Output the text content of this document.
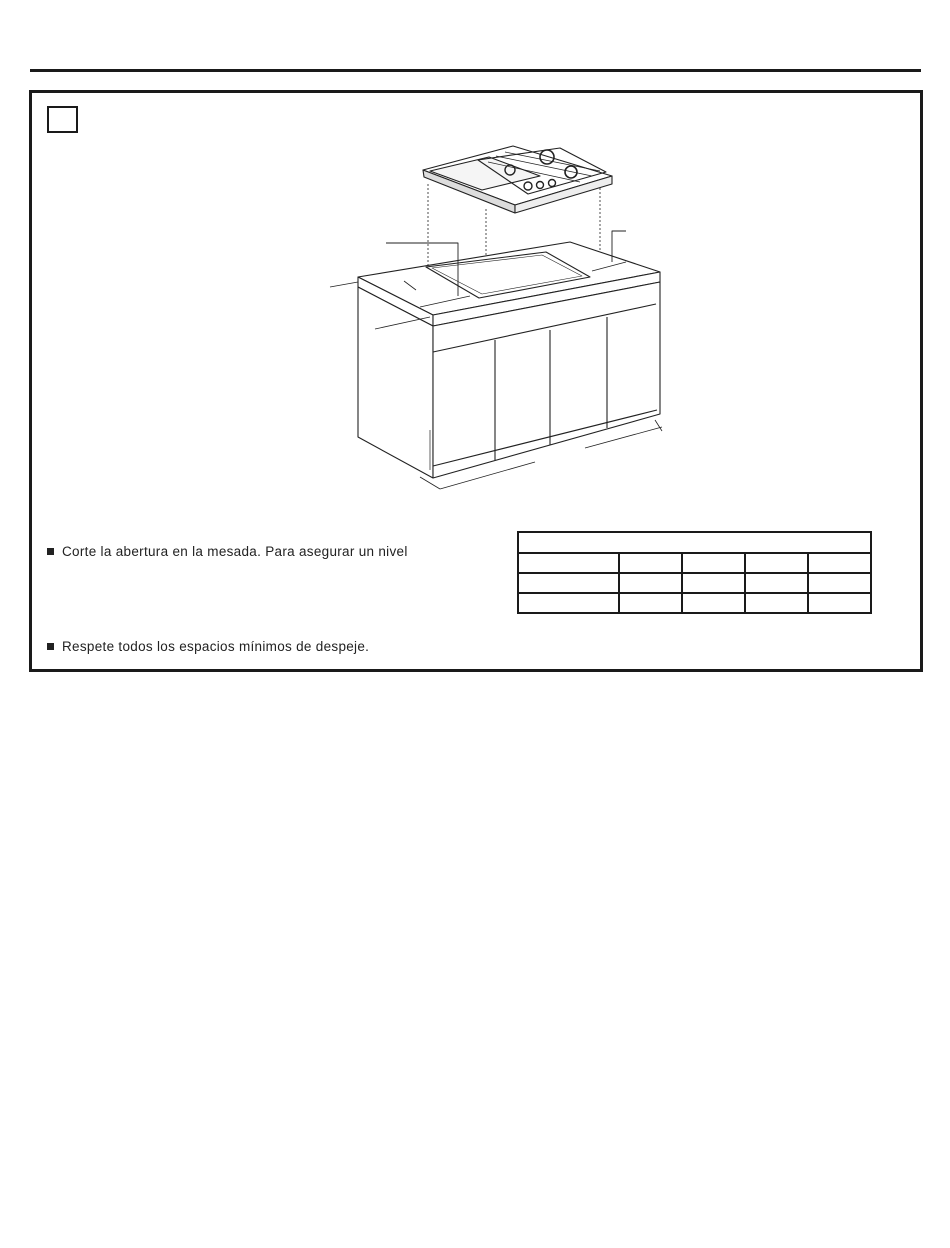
Corte la abertura en la mesada. Para asegurar un nivel

Respete todos los espacios mínimos de despeje.
